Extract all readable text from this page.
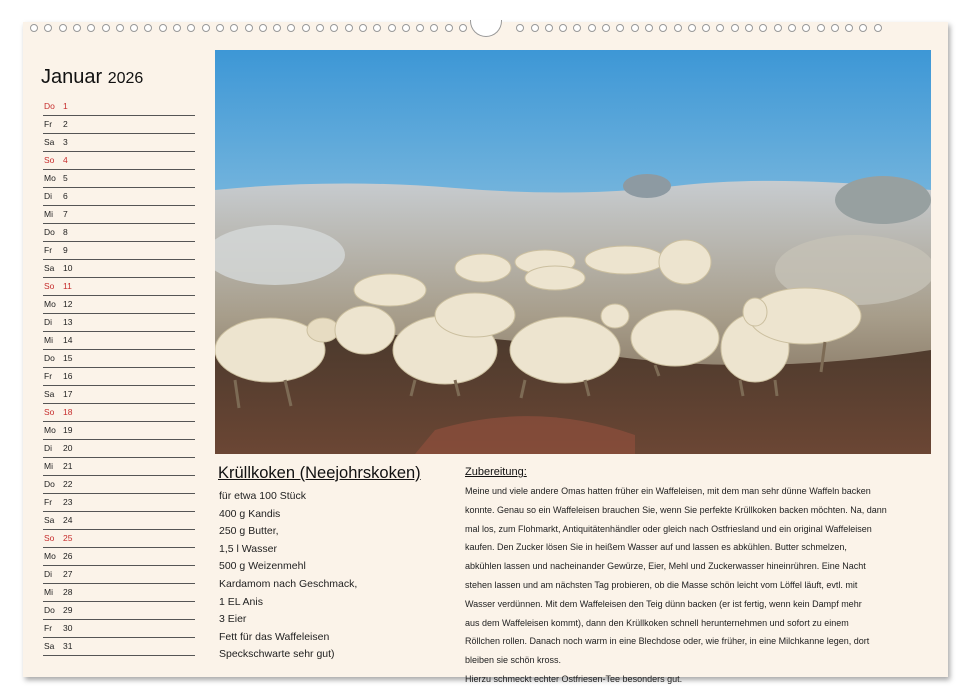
Januar 2026
Do 1
Fr 2
Sa 3
So 4
Mo 5
Di 6
Mi 7
Do 8
Fr 9
Sa 10
So 11
Mo 12
Di 13
Mi 14
Do 15
Fr 16
Sa 17
So 18
Mo 19
Di 20
Mi 21
Do 22
Fr 23
Sa 24
So 25
Mo 26
Di 27
Mi 28
Do 29
Fr 30
Sa 31
Krüllkoken (Neejohrskoken)
für etwa 100 Stück
400 g Kandis
250 g Butter,
1,5 l Wasser
500 g Weizenmehl
Kardamom nach Geschmack,
1 EL Anis
3 Eier
Fett für das Waffeleisen
Speckschwarte sehr gut)
Zubereitung:
Meine und viele andere Omas hatten früher ein Waffeleisen, mit dem man sehr dünne Waffeln backen
konnte. Genau so ein Waffeleisen brauchen Sie, wenn Sie perfekte Krüllkoken backen möchten. Na, dann
mal los, zum Flohmarkt, Antiquitätenhändler oder gleich nach Ostfriesland und ein original Waffeleisen
kaufen. Den Zucker lösen Sie in heißem Wasser auf und lassen es abkühlen. Butter schmelzen,
abkühlen lassen und nacheinander Gewürze, Eier, Mehl und Zuckerwasser hineinrühren. Eine Nacht
stehen lassen und am nächsten Tag probieren, ob die Masse schön leicht vom Löffel läuft, evtl. mit
Wasser verdünnen. Mit dem Waffeleisen den Teig dünn backen (er ist fertig, wenn kein Dampf mehr
aus dem Waffeleisen kommt), dann den Krüllkoken schnell herunternehmen und sofort zu einem
Röllchen rollen. Danach noch warm in eine Blechdose oder, wie früher, in eine Milchkanne legen, dort
bleiben sie schön kross.
Hierzu schmeckt echter Ostfriesen-Tee besonders gut.
